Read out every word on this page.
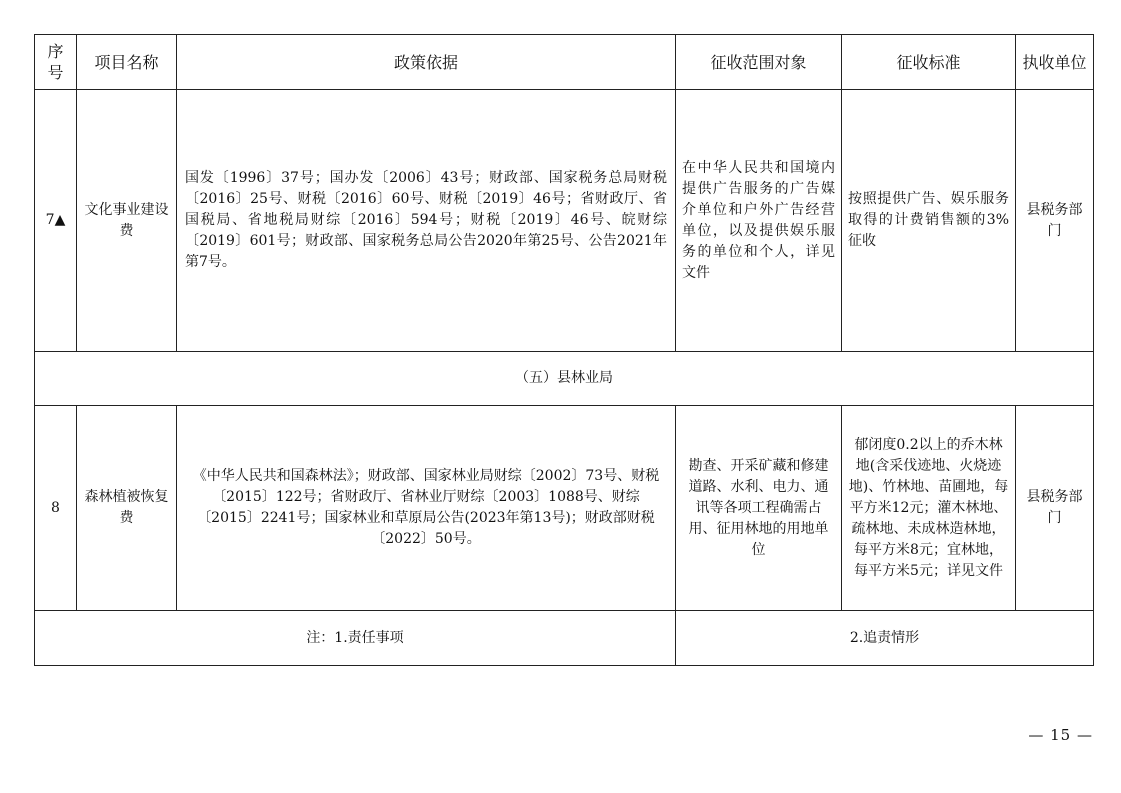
序号	项目名称	政策依据	征收范围对象	征收标准	执收单位
7▲	文化事业建设费	国发〔1996〕37号；国办发〔2006〕43号；财政部、国家税务总局财税〔2016〕25号、财税〔2016〕60号、财税〔2019〕46号；省财政厅、省国税局、省地税局财综〔2016〕594号；财税〔2019〕46号、皖财综〔2019〕601号；财政部、国家税务总局公告2020年第25号、公告2021年第7号。	在中华人民共和国境内提供广告服务的广告媒介单位和户外广告经营单位，以及提供娱乐服务的单位和个人，详见文件	按照提供广告、娱乐服务取得的计费销售额的3%征收	县税务部门
（五）县林业局					
8	森林植被恢复费	《中华人民共和国森林法》；财政部、国家林业局财综〔2002〕73号、财税〔2015〕122号；省财政厅、省林业厅财综〔2003〕1088号、财综〔2015〕2241号；国家林业和草原局公告(2023年第13号)；财政部财税〔2022〕50号。	勘查、开采矿藏和修建道路、水利、电力、通讯等各项工程确需占用、征用林地的用地单位	郁闭度0.2以上的乔木林地(含采伐迹地、火烧迹地)、竹林地、苗圃地，每平方米12元；灌木林地、疏林地、未成林造林地，每平方米8元；宜林地，每平方米5元；详见文件	县税务部门
注：1.责任事项			2.追责情形		
— 15 —
